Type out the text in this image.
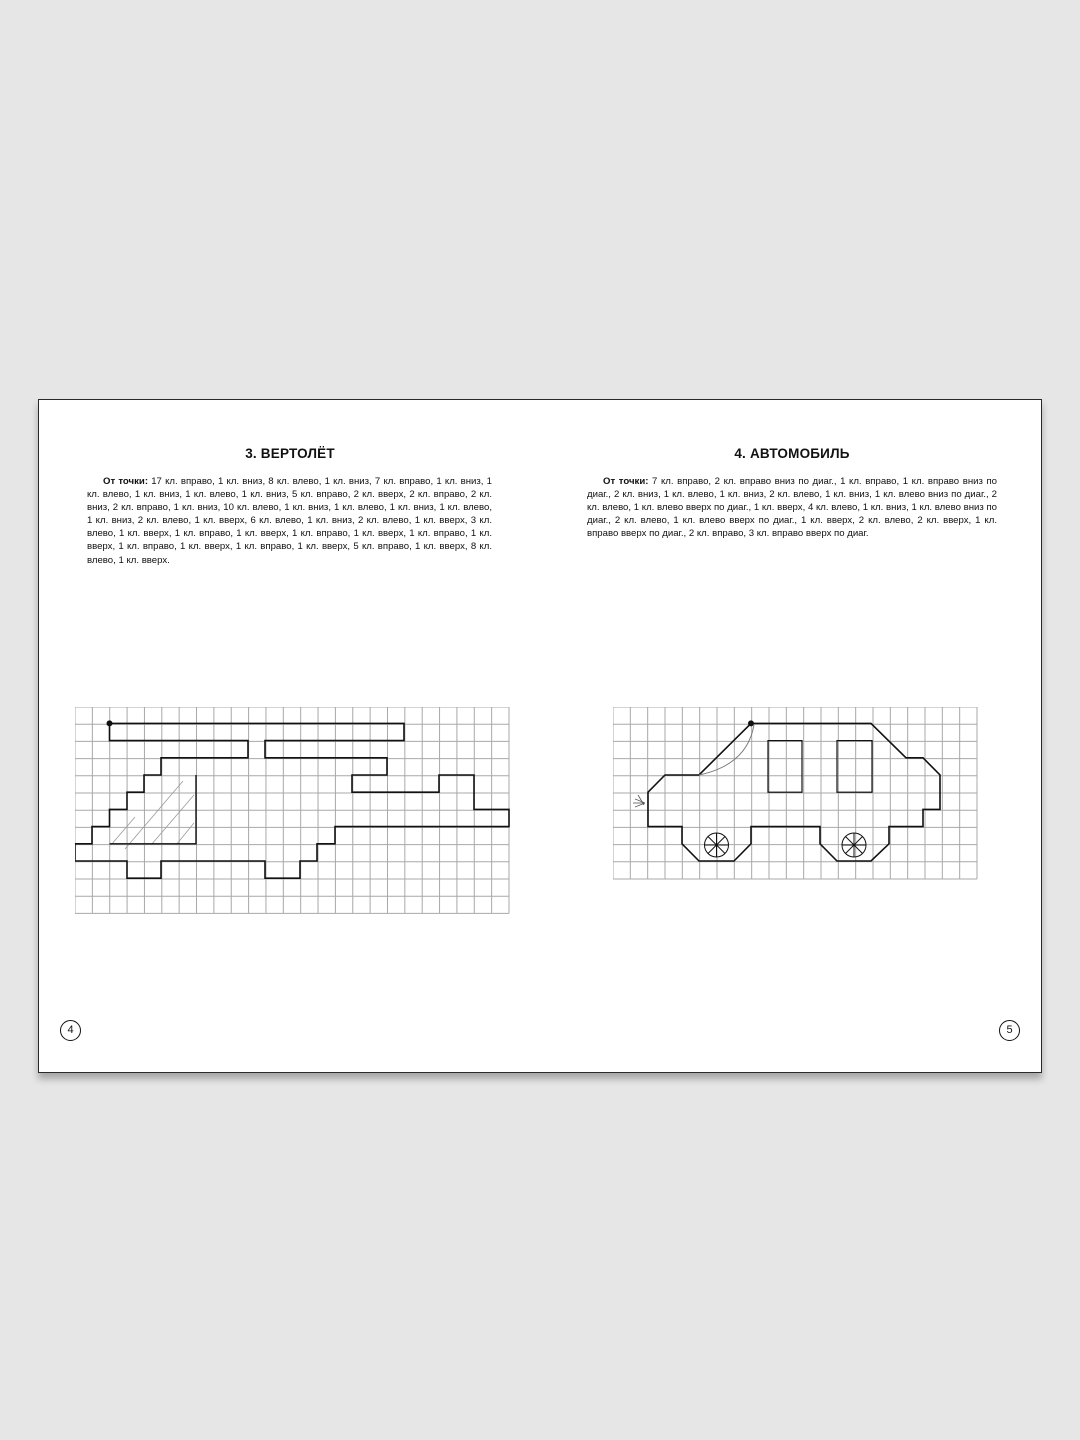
3. ВЕРТОЛЁТ

От точки: 17 кл. вправо, 1 кл. вниз, 8 кл. влево, 1 кл. вниз, 7 кл. вправо, 1 кл. вниз, 1 кл. влево, 1 кл. вниз, 1 кл. влево, 1 кл. вниз, 5 кл. вправо, 2 кл. вверх, 2 кл. вправо, 2 кл. вниз, 2 кл. вправо, 1 кл. вниз, 10 кл. влево, 1 кл. вниз, 1 кл. влево, 1 кл. вниз, 1 кл. влево, 1 кл. вниз, 2 кл. влево, 1 кл. вверх, 6 кл. влево, 1 кл. вниз, 2 кл. влево, 1 кл. вверх, 3 кл. влево, 1 кл. вверх, 1 кл. вправо, 1 кл. вверх, 1 кл. вправо, 1 кл. вверх, 1 кл. вправо, 1 кл. вверх, 1 кл. вправо, 1 кл. вверх, 1 кл. вправо, 1 кл. вверх, 5 кл. вправо, 1 кл. вверх, 8 кл. влево, 1 кл. вверх.

4
4. АВТОМОБИЛЬ

От точки: 7 кл. вправо, 2 кл. вправо вниз по диаг., 1 кл. вправо, 1 кл. вправо вниз по диаг., 2 кл. вниз, 1 кл. влево, 1 кл. вниз, 2 кл. влево, 1 кл. вниз, 1 кл. влево вниз по диаг., 2 кл. влево, 1 кл. влево вверх по диаг., 1 кл. вверх, 4 кл. влево, 1 кл. вниз, 1 кл. влево вниз по диаг., 2 кл. влево, 1 кл. влево вверх по диаг., 1 кл. вверх, 2 кл. влево, 2 кл. вверх, 1 кл. вправо вверх по диаг., 2 кл. вправо, 3 кл. вправо вверх по диаг.

5
